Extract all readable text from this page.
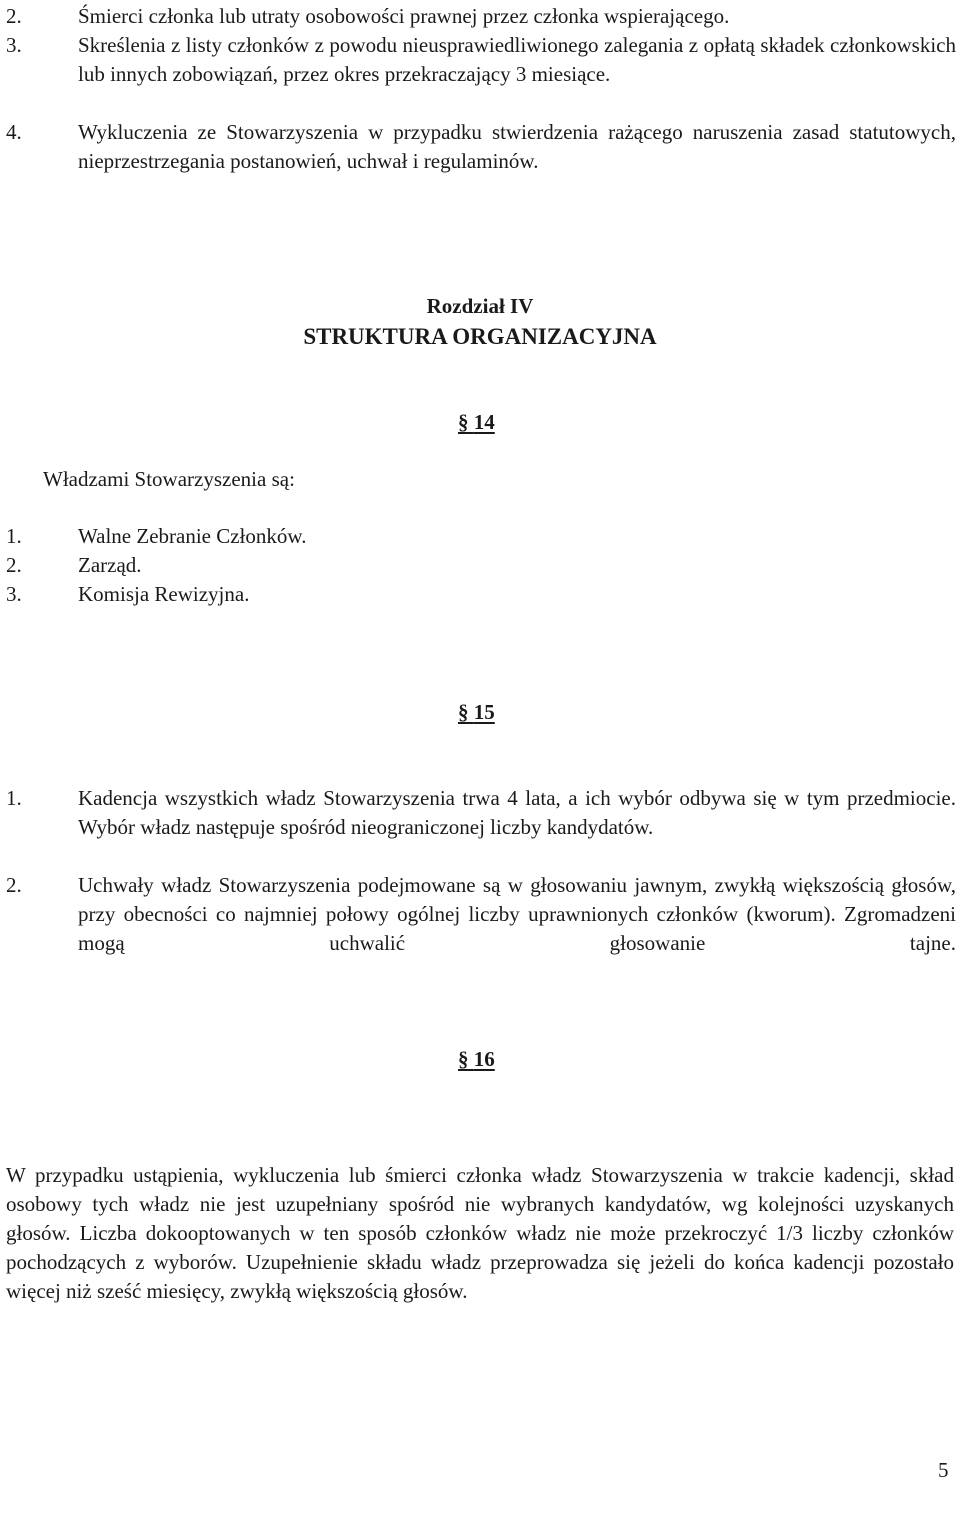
2.	Śmierci członka lub utraty osobowości prawnej przez członka wspierającego.
3.	Skreślenia z listy członków z powodu nieusprawiedliwionego zalegania z opłatą składek członkowskich lub innych zobowiązań, przez okres przekraczający 3 miesiące.
4.	Wykluczenia ze Stowarzyszenia w przypadku stwierdzenia rażącego naruszenia zasad statutowych, nieprzestrzegania postanowień, uchwał i regulaminów.
Rozdział IV
STRUKTURA ORGANIZACYJNA
§ 14
Władzami Stowarzyszenia są:
1.	Walne Zebranie Członków.
2.	Zarząd.
3.	Komisja Rewizyjna.
§ 15
1.	Kadencja wszystkich władz Stowarzyszenia trwa 4 lata, a ich wybór odbywa się w tym przedmiocie. Wybór władz następuje spośród nieograniczonej liczby kandydatów.
2.	Uchwały władz Stowarzyszenia podejmowane są w głosowaniu jawnym, zwykłą większością głosów, przy obecności co najmniej połowy ogólnej liczby uprawnionych członków (kworum). Zgromadzeni mogą uchwalić głosowanie tajne.
§ 16
W przypadku ustąpienia, wykluczenia lub śmierci członka władz Stowarzyszenia w trakcie kadencji, skład osobowy tych władz nie jest uzupełniany spośród nie wybranych kandydatów, wg kolejności uzyskanych głosów. Liczba dokooptowanych w ten sposób członków władz nie może przekroczyć 1/3 liczby członków pochodzących z wyborów. Uzupełnienie składu władz przeprowadza się jeżeli do końca kadencji pozostało więcej niż sześć miesięcy, zwykłą większością głosów.
5
